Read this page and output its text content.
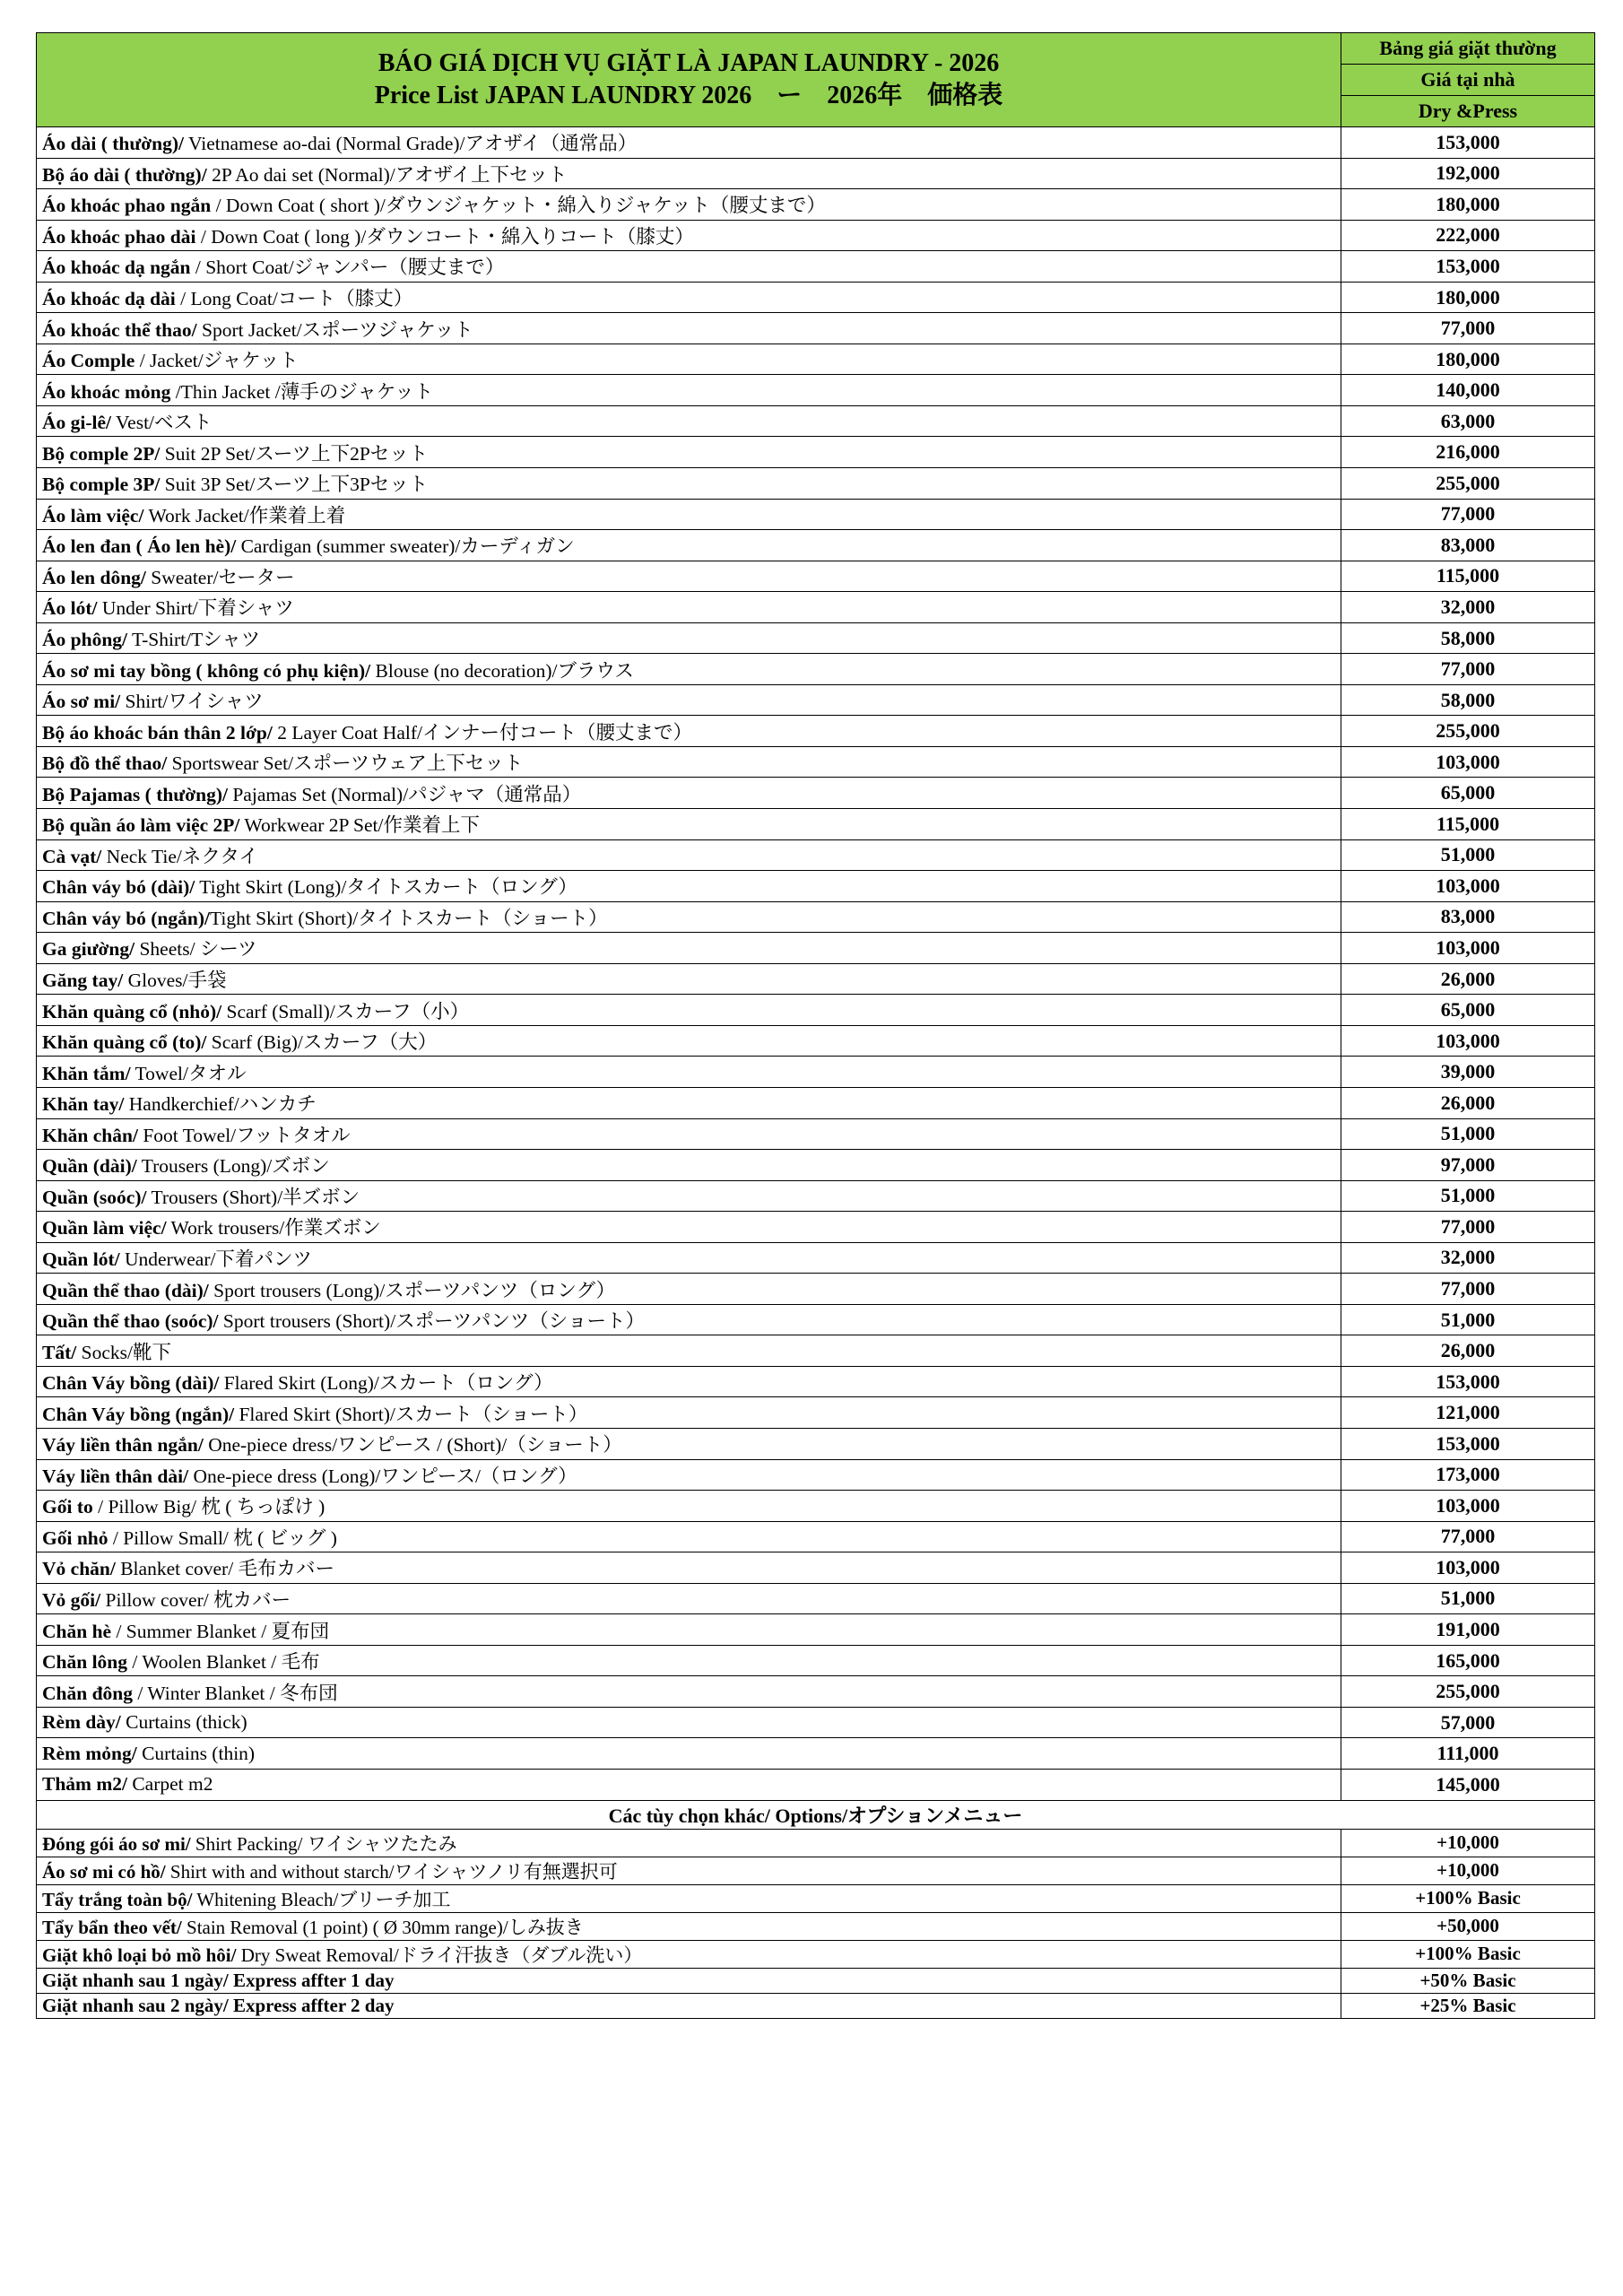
BÁO GIÁ DỊCH VỤ GIẶT LÀ JAPAN LAUNDRY - 2026
Price List JAPAN LAUNDRY 2026　ー　2026年　価格表	Bảng giá giặt thường
	Giá tại nhà
	Dry &Press
Áo dài ( thường)/ Vietnamese ao-dai (Normal Grade)/アオザイ（通常品）	153,000
Bộ áo dài ( thường)/ 2P Ao dai set (Normal)/アオザイ上下セット	192,000
Áo khoác phao ngắn / Down Coat ( short )/ダウンジャケット・綿入りジャケット（腰丈まで）	180,000
Áo khoác phao dài / Down Coat ( long )/ダウンコート・綿入りコート（膝丈）	222,000
Áo khoác dạ ngắn / Short Coat/ジャンパー（腰丈まで）	153,000
Áo khoác dạ dài / Long Coat/コート（膝丈）	180,000
Áo khoác thể thao/ Sport Jacket/スポーツジャケット	77,000
Áo Comple / Jacket/ジャケット	180,000
Áo khoác mỏng /Thin Jacket /薄手のジャケット	140,000
Áo gi-lê/ Vest/ベスト	63,000
Bộ comple 2P/ Suit 2P Set/スーツ上下2Pセット	216,000
Bộ comple 3P/ Suit 3P Set/スーツ上下3Pセット	255,000
Áo làm việc/ Work Jacket/作業着上着	77,000
Áo len đan ( Áo len hè)/ Cardigan (summer sweater)/カーディガン	83,000
Áo len dông/ Sweater/セーター	115,000
Áo lót/ Under Shirt/下着シャツ	32,000
Áo phông/ T-Shirt/Tシャツ	58,000
Áo sơ mi tay bồng ( không có phụ kiện)/ Blouse (no decoration)/ブラウス	77,000
Áo sơ mi/ Shirt/ワイシャツ	58,000
Bộ áo khoác bán thân 2 lớp/ 2 Layer Coat Half/インナー付コート（腰丈まで）	255,000
Bộ đồ thể thao/ Sportswear Set/スポーツウェア上下セット	103,000
Bộ Pajamas ( thường)/ Pajamas Set (Normal)/パジャマ（通常品）	65,000
Bộ quần áo làm việc 2P/ Workwear 2P Set/作業着上下	115,000
Cà vạt/ Neck Tie/ネクタイ	51,000
Chân váy bó (dài)/ Tight Skirt (Long)/タイトスカート（ロング）	103,000
Chân váy bó (ngắn)/Tight Skirt (Short)/タイトスカート（ショート）	83,000
Ga giường/ Sheets/ シーツ	103,000
Găng tay/ Gloves/手袋	26,000
Khăn quàng cổ (nhỏ)/ Scarf (Small)/スカーフ（小）	65,000
Khăn quàng cổ (to)/ Scarf (Big)/スカーフ（大）	103,000
Khăn tắm/ Towel/タオル	39,000
Khăn tay/ Handkerchief/ハンカチ	26,000
Khăn chân/ Foot Towel/フットタオル	51,000
Quần (dài)/ Trousers (Long)/ズボン	97,000
Quần (soóc)/ Trousers (Short)/半ズボン	51,000
Quần làm việc/ Work trousers/作業ズボン	77,000
Quần lót/ Underwear/下着パンツ	32,000
Quần thể thao (dài)/ Sport trousers (Long)/スポーツパンツ（ロング）	77,000
Quần thể thao (soóc)/ Sport trousers (Short)/スポーツパンツ（ショート）	51,000
Tất/ Socks/靴下	26,000
Chân Váy bồng (dài)/ Flared Skirt (Long)/スカート（ロング）	153,000
Chân Váy bồng (ngắn)/ Flared Skirt (Short)/スカート（ショート）	121,000
Váy liền thân ngắn/ One-piece dress/ワンピース / (Short)/（ショート）	153,000
Váy liền thân dài/ One-piece dress (Long)/ワンピース/（ロング）	173,000
Gối to / Pillow Big/ 枕 ( ちっぽけ )	103,000
Gối nhỏ / Pillow Small/ 枕 ( ビッグ )	77,000
Vỏ chăn/ Blanket cover/ 毛布カバー	103,000
Vỏ gối/ Pillow cover/ 枕カバー	51,000
Chăn hè / Summer Blanket / 夏布団	191,000
Chăn lông / Woolen Blanket / 毛布	165,000
Chăn đông / Winter Blanket / 冬布団	255,000
Rèm dày/ Curtains (thick)	57,000
Rèm mỏng/ Curtains (thin)	111,000
Thảm m2/ Carpet m2	145,000
Các tùy chọn khác/ Options/オプションメニュー	
Đóng gói áo sơ mi/ Shirt Packing/ ワイシャツたたみ	+10,000
Áo sơ mi có hồ/ Shirt with and without starch/ワイシャツノリ有無選択可	+10,000
Tẩy trắng toàn bộ/ Whitening Bleach/ブリーチ加工	+100% Basic
Tẩy bẩn theo vết/ Stain Removal (1 point) ( Ø 30mm range)/しみ抜き	+50,000
Giặt khô loại bỏ mồ hôi/ Dry Sweat Removal/ドライ汗抜き（ダブル洗い）	+100% Basic
Giặt nhanh sau 1 ngày/ Express affter 1 day	+50% Basic
Giặt nhanh sau 2 ngày/ Express affter 2 day	+25% Basic
